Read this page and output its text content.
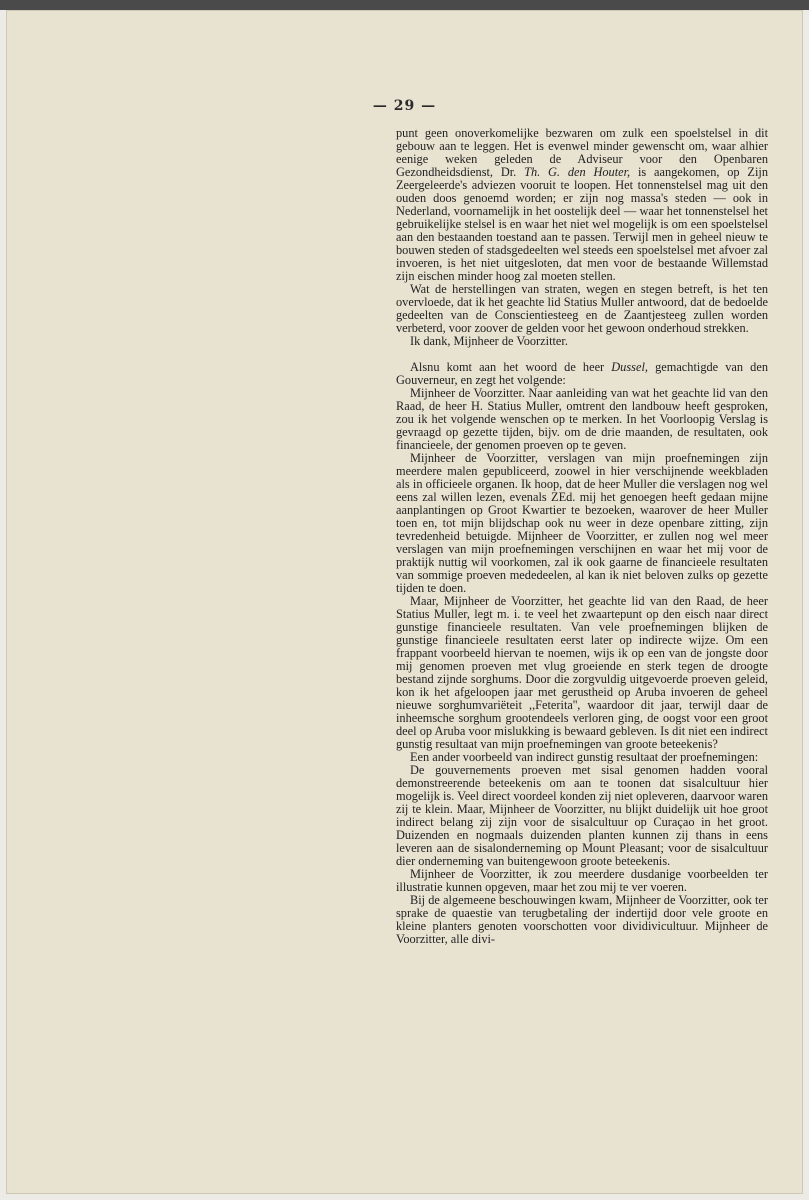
— 29 —

punt geen onoverkomelijke bezwaren om zulk een spoelstelsel in dit gebouw aan te leggen. Het is evenwel minder gewenscht om, waar alhier eenige weken geleden de Adviseur voor den Openbaren Gezondheidsdienst, Dr. Th. G. den Houter, is aangekomen, op Zijn Zeergeleerde's adviezen vooruit te loopen. Het tonnenstelsel mag uit den ouden doos genoemd worden; er zijn nog massa's steden — ook in Nederland, voornamelijk in het oostelijk deel — waar het tonnenstelsel het gebruikelijke stelsel is en waar het niet wel mogelijk is om een spoelstelsel aan den bestaanden toestand aan te passen. Terwijl men in geheel nieuw te bouwen steden of stadsgedeelten wel steeds een spoelstelsel met afvoer zal invoeren, is het niet uitgesloten, dat men voor de bestaande Willemstad zijn eischen minder hoog zal moeten stellen.

Wat de herstellingen van straten, wegen en stegen betreft, is het ten overvloede, dat ik het geachte lid Statius Muller antwoord, dat de bedoelde gedeelten van de Conscientiesteeg en de Zaantjesteeg zullen worden verbeterd, voor zoover de gelden voor het gewoon onderhoud strekken.

Ik dank, Mijnheer de Voorzitter.

Alsnu komt aan het woord de heer Dussel, gemachtigde van den Gouverneur, en zegt het volgende:

Mijnheer de Voorzitter. Naar aanleiding van wat het geachte lid van den Raad, de heer H. Statius Muller, omtrent den landbouw heeft gesproken, zou ik het volgende wenschen op te merken. In het Voorloopig Verslag is gevraagd op gezette tijden, bijv. om de drie maanden, de resultaten, ook financieele, der genomen proeven op te geven.

Mijnheer de Voorzitter, verslagen van mijn proefnemingen zijn meerdere malen gepubliceerd, zoowel in hier verschijnende weekbladen als in officieele organen. Ik hoop, dat de heer Muller die verslagen nog wel eens zal willen lezen, evenals ZEd. mij het genoegen heeft gedaan mijne aanplantingen op Groot Kwartier te bezoeken, waarover de heer Muller toen en, tot mijn blijdschap ook nu weer in deze openbare zitting, zijn tevredenheid betuigde. Mijnheer de Voorzitter, er zullen nog wel meer verslagen van mijn proefnemingen verschijnen en waar het mij voor de praktijk nuttig wil voorkomen, zal ik ook gaarne de financieele resultaten van sommige proeven mededeelen, al kan ik niet beloven zulks op gezette tijden te doen.

Maar, Mijnheer de Voorzitter, het geachte lid van den Raad, de heer Statius Muller, legt m. i. te veel het zwaartepunt op den eisch naar direct gunstige financieele resultaten. Van vele proefnemingen blijken de gunstige financieele resultaten eerst later op indirecte wijze. Om een frappant voorbeeld hiervan te noemen, wijs ik op een van de jongste door mij genomen proeven met vlug groeiende en sterk tegen de droogte bestand zijnde sorghums. Door die zorgvuldig uitgevoerde proeven geleid, kon ik het afgeloopen jaar met gerustheid op Aruba invoeren de geheel nieuwe sorghumvariëteit ,,Feterita'', waardoor dit jaar, terwijl daar de inheemsche sorghum grootendeels verloren ging, de oogst voor een groot deel op Aruba voor mislukking is bewaard gebleven. Is dit niet een indirect gunstig resultaat van mijn proefnemingen van groote beteekenis?

Een ander voorbeeld van indirect gunstig resultaat der proefnemingen:

De gouvernements proeven met sisal genomen hadden vooral demonstreerende beteekenis om aan te toonen dat sisalcultuur hier mogelijk is. Veel direct voordeel konden zij niet opleveren, daarvoor waren zij te klein. Maar, Mijnheer de Voorzitter, nu blijkt duidelijk uit hoe groot indirect belang zij zijn voor de sisalcultuur op Curaçao in het groot. Duizenden en nogmaals duizenden planten kunnen zij thans in eens leveren aan de sisalonderneming op Mount Pleasant; voor de sisalcultuur dier onderneming van buitengewoon groote beteekenis.

Mijnheer de Voorzitter, ik zou meerdere dusdanige voorbeelden ter illustratie kunnen opgeven, maar het zou mij te ver voeren.

Bij de algemeene beschouwingen kwam, Mijnheer de Voorzitter, ook ter sprake de quaestie van terugbetaling der indertijd door vele groote en kleine planters genoten voorschotten voor dividivicultuur. Mijnheer de Voorzitter, alle divi-
